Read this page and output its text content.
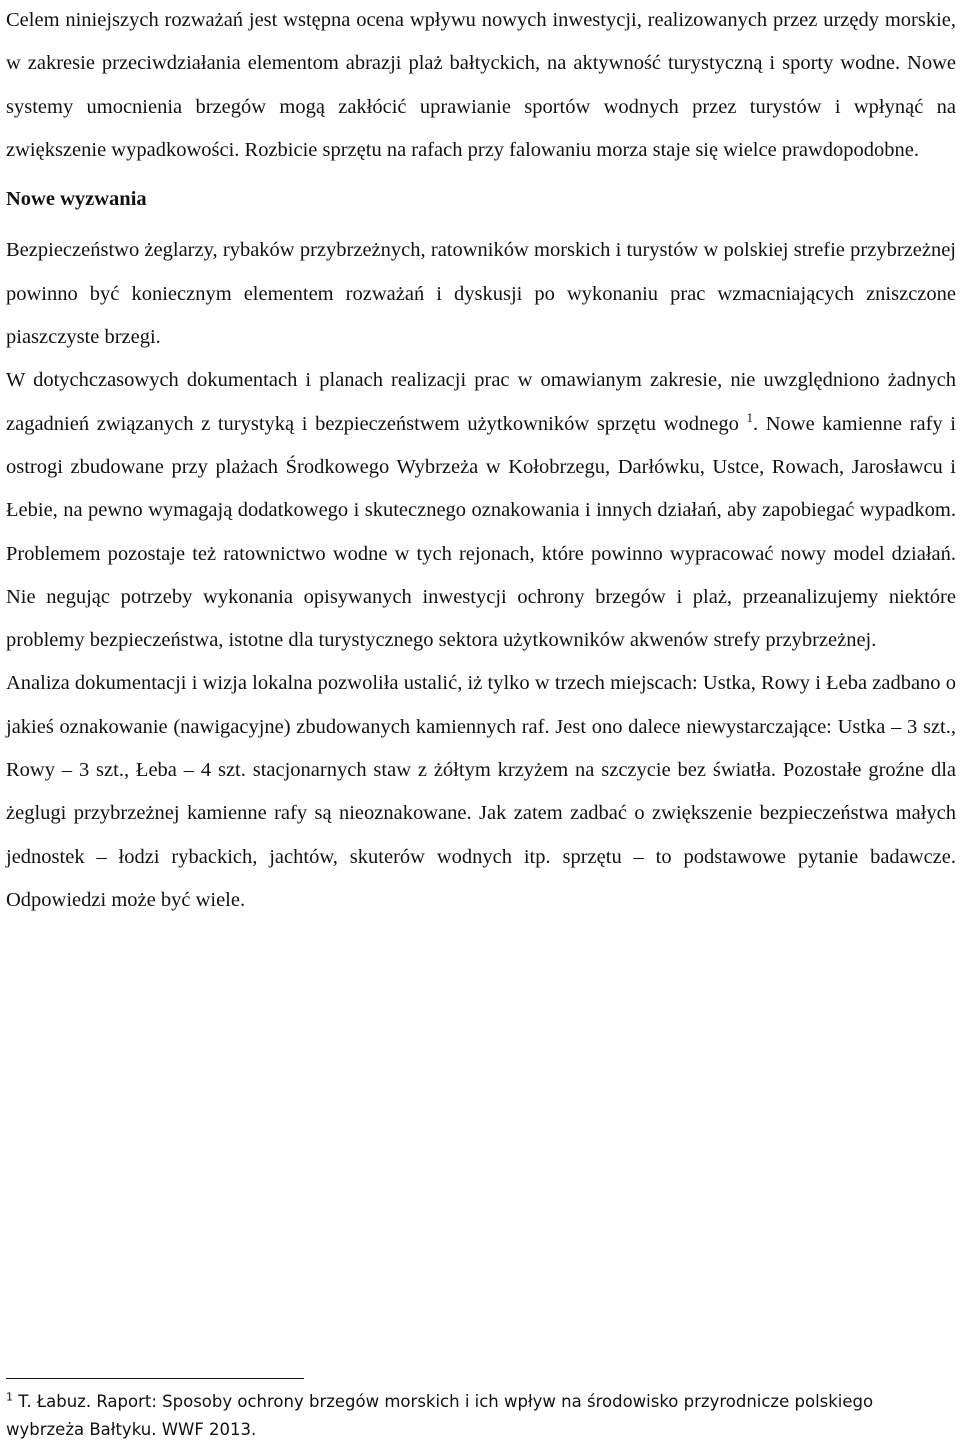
Celem niniejszych rozważań jest wstępna ocena wpływu nowych inwestycji, realizowanych przez urzędy morskie, w zakresie przeciwdziałania elementom abrazji plaż bałtyckich, na aktywność turystyczną i sporty wodne. Nowe systemy umocnienia brzegów mogą zakłócić uprawianie sportów wodnych przez turystów i wpłynąć na zwiększenie wypadkowości. Rozbicie sprzętu na rafach przy falowaniu morza staje się wielce prawdopodobne.

Nowe wyzwania

Bezpieczeństwo żeglarzy, rybaków przybrzeżnych, ratowników morskich i turystów w polskiej strefie przybrzeżnej powinno być koniecznym elementem rozważań i dyskusji po wykonaniu prac wzmacniających zniszczone piaszczyste brzegi.

W dotychczasowych dokumentach i planach realizacji prac w omawianym zakresie, nie uwzględniono żadnych zagadnień związanych z turystyką i bezpieczeństwem użytkowników sprzętu wodnego $^1$. Nowe kamienne rafy i ostrogi zbudowane przy plażach Środkowego Wybrzeża w Kołobrzegu, Darłówku, Ustce, Rowach, Jarosławcu i Łebie, na pewno wymagają dodatkowego i skutecznego oznakowania i innych działań, aby zapobiegać wypadkom. Problemem pozostaje też ratownictwo wodne w tych rejonach, które powinno wypracować nowy model działań. Nie negując potrzeby wykonania opisywanych inwestycji ochrony brzegów i plaż, przeanalizujemy niektóre problemy bezpieczeństwa, istotne dla turystycznego sektora użytkowników akwenów strefy przybrzeżnej.

Analiza dokumentacji i wizja lokalna pozwoliła ustalić, iż tylko w trzech miejscach: Ustka, Rowy i Łeba zadbano o jakieś oznakowanie (nawigacyjne) zbudowanych kamiennych raf. Jest ono dalece niewystarczające: Ustka – 3 szt., Rowy – 3 szt., Łeba – 4 szt. stacjonarnych staw z żółtym krzyżem na szczycie bez światła. Pozostałe groźne dla żeglugi przybrzeżnej kamienne rafy są nieoznakowane. Jak zatem zadbać o zwiększenie bezpieczeństwa małych jednostek – łodzi rybackich, jachtów, skuterów wodnych itp. sprzętu – to podstawowe pytanie badawcze. Odpowiedzi może być wiele.

$^1$ T. Łabuz. Raport: Sposoby ochrony brzegów morskich i ich wpływ na środowisko przyrodnicze polskiego wybrzeża Bałtyku. WWF 2013.
